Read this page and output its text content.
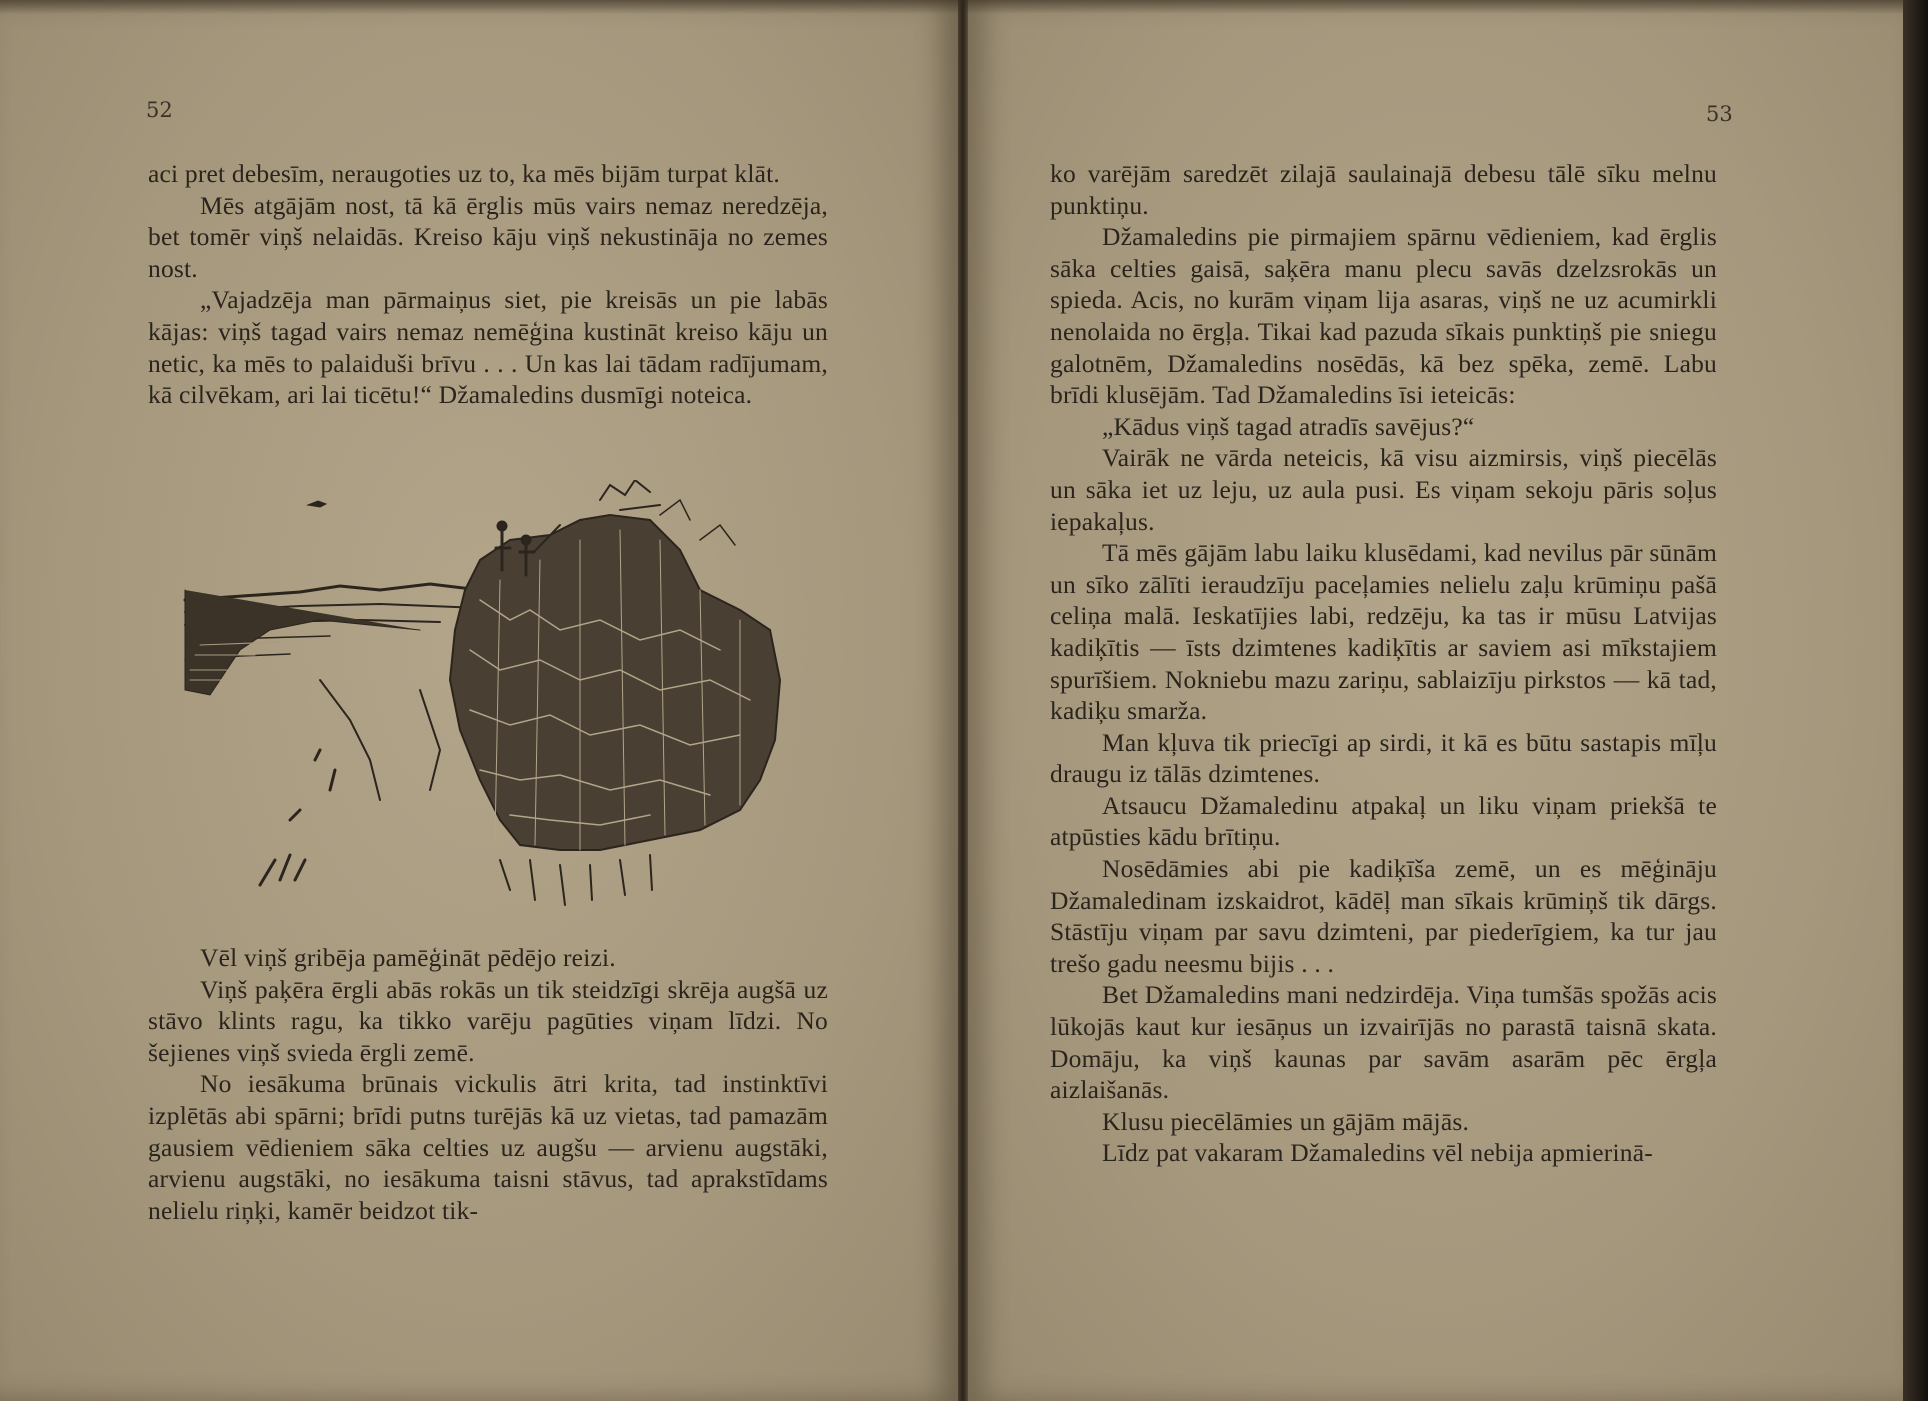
52

aci pret debesīm, neraugoties uz to, ka mēs bijām turpat klāt.

Mēs atgājām nost, tā kā ērglis mūs vairs nemaz neredzēja, bet tomēr viņš nelaidās. Kreiso kāju viņš nekustināja no zemes nost.

„Vajadzēja man pārmaiņus siet, pie kreisās un pie labās kājas: viņš tagad vairs nemaz nemēģina kustināt kreiso kāju un netic, ka mēs to palaiduši brīvu . . . Un kas lai tādam radījumam, kā cilvēkam, ari lai ticētu!“ Džamaledins dusmīgi noteica.

Vēl viņš gribēja pamēģināt pēdējo reizi.

Viņš paķēra ērgli abās rokās un tik steidzīgi skrēja augšā uz stāvo klints ragu, ka tikko varēju pagūties viņam līdzi. No šejienes viņš svieda ērgli zemē.

No iesākuma brūnais vickulis ātri krita, tad instinktīvi izplētās abi spārni; brīdi putns turējās kā uz vietas, tad pamazām gausiem vēdieniem sāka celties uz augšu — arvienu augstāki, arvienu augstāki, no iesākuma taisni stāvus, tad aprakstīdams nelielu riņķi, kamēr beidzot tik-

53

ko varējām saredzēt zilajā saulainajā debesu tālē sīku melnu punktiņu.

Džamaledins pie pirmajiem spārnu vēdieniem, kad ērglis sāka celties gaisā, saķēra manu plecu savās dzelzsrokās un spieda. Acis, no kurām viņam lija asaras, viņš ne uz acumirkli nenolaida no ērgļa. Tikai kad pazuda sīkais punktiņš pie sniegu galotnēm, Džamaledins nosēdās, kā bez spēka, zemē. Labu brīdi klusējām. Tad Džamaledins īsi ieteicās:

„Kādus viņš tagad atradīs savējus?“

Vairāk ne vārda neteicis, kā visu aizmirsis, viņš piecēlās un sāka iet uz leju, uz aula pusi. Es viņam sekoju pāris soļus iepakaļus.

Tā mēs gājām labu laiku klusēdami, kad nevilus pār sūnām un sīko zālīti ieraudzīju paceļamies nelielu zaļu krūmiņu pašā celiņa malā. Ieskatījies labi, redzēju, ka tas ir mūsu Latvijas kadiķītis — īsts dzimtenes kadiķītis ar saviem asi mīkstajiem spurīšiem. Nokniebu mazu zariņu, sablaizīju pirkstos — kā tad, kadiķu smarža.

Man kļuva tik priecīgi ap sirdi, it kā es būtu sastapis mīļu draugu iz tālās dzimtenes.

Atsaucu Džamaledinu atpakaļ un liku viņam priekšā te atpūsties kādu brītiņu.

Nosēdāmies abi pie kadiķīša zemē, un es mēģināju Džamaledinam izskaidrot, kādēļ man sīkais krūmiņš tik dārgs. Stāstīju viņam par savu dzimteni, par piederīgiem, ka tur jau trešo gadu neesmu bijis . . .

Bet Džamaledins mani nedzirdēja. Viņa tumšās spožās acis lūkojās kaut kur iesāņus un izvairījās no parastā taisnā skata. Domāju, ka viņš kaunas par savām asarām pēc ērgļa aizlaišanās.

Klusu piecēlāmies un gājām mājās.

Līdz pat vakaram Džamaledins vēl nebija apmierinā-
